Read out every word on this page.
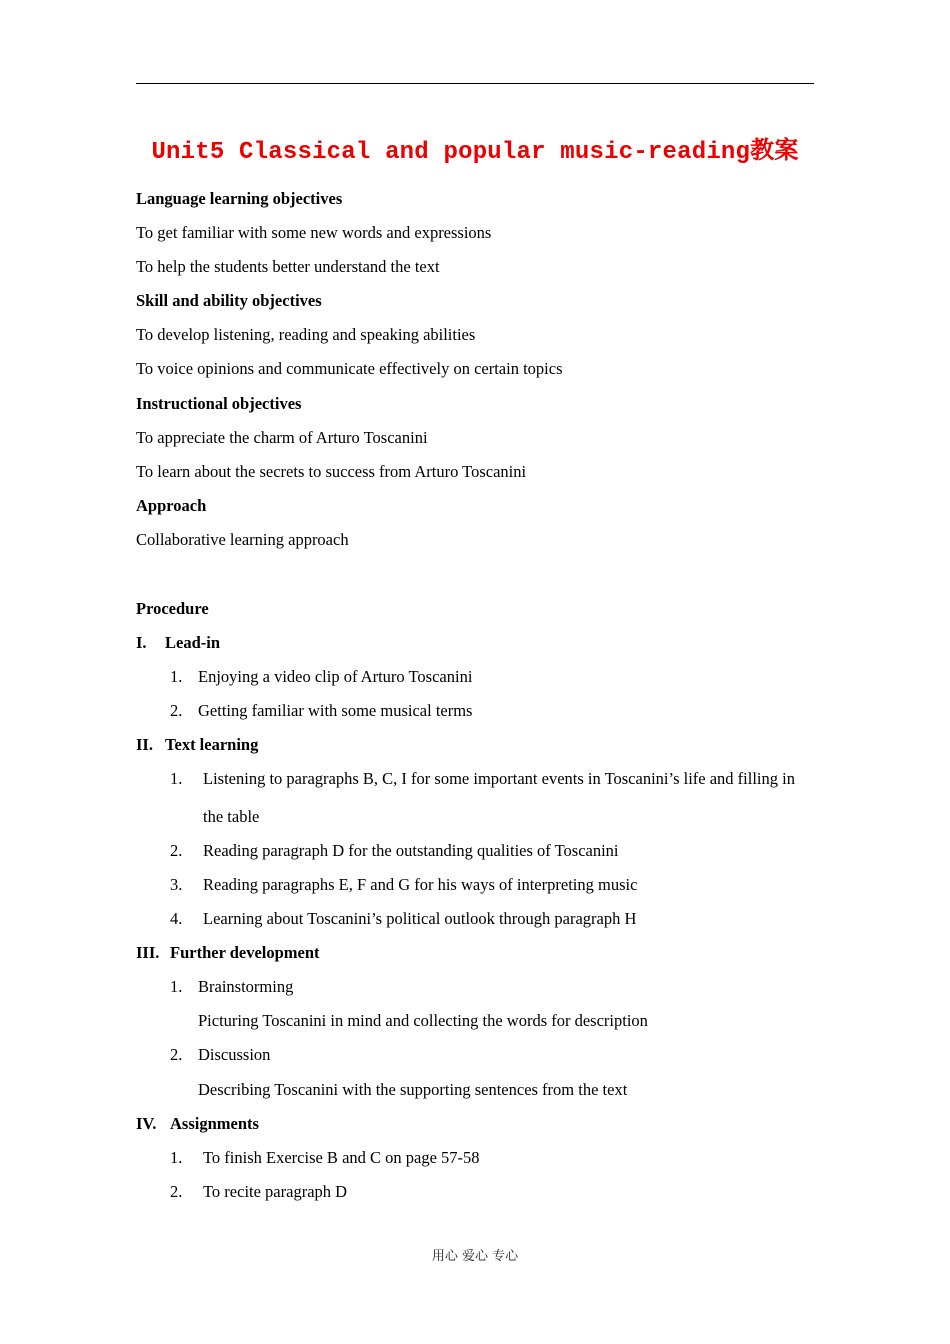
Unit5 Classical and popular music-reading教案
Language learning objectives
To get familiar with some new words and expressions
To help the students better understand the text
Skill and ability objectives
To develop listening, reading and speaking abilities
To voice opinions and communicate effectively on certain topics
Instructional objectives
To appreciate the charm of Arturo Toscanini
To learn about the secrets to success from Arturo Toscanini
Approach
Collaborative learning approach
Procedure
I. Lead-in
1. Enjoying a video clip of Arturo Toscanini
2. Getting familiar with some musical terms
II. Text learning
1. Listening to paragraphs B, C, I for some important events in Toscanini’s life and filling in
the table
2. Reading paragraph D for the outstanding qualities of Toscanini
3. Reading paragraphs E, F and G for his ways of interpreting music
4. Learning about Toscanini’s political outlook through paragraph H
III. Further development
1. Brainstorming
Picturing Toscanini in mind and collecting the words for description
2. Discussion
Describing Toscanini with the supporting sentences from the text
IV. Assignments
1. To finish Exercise B and C on page 57-58
2. To recite paragraph D
用心 爱心 专心
